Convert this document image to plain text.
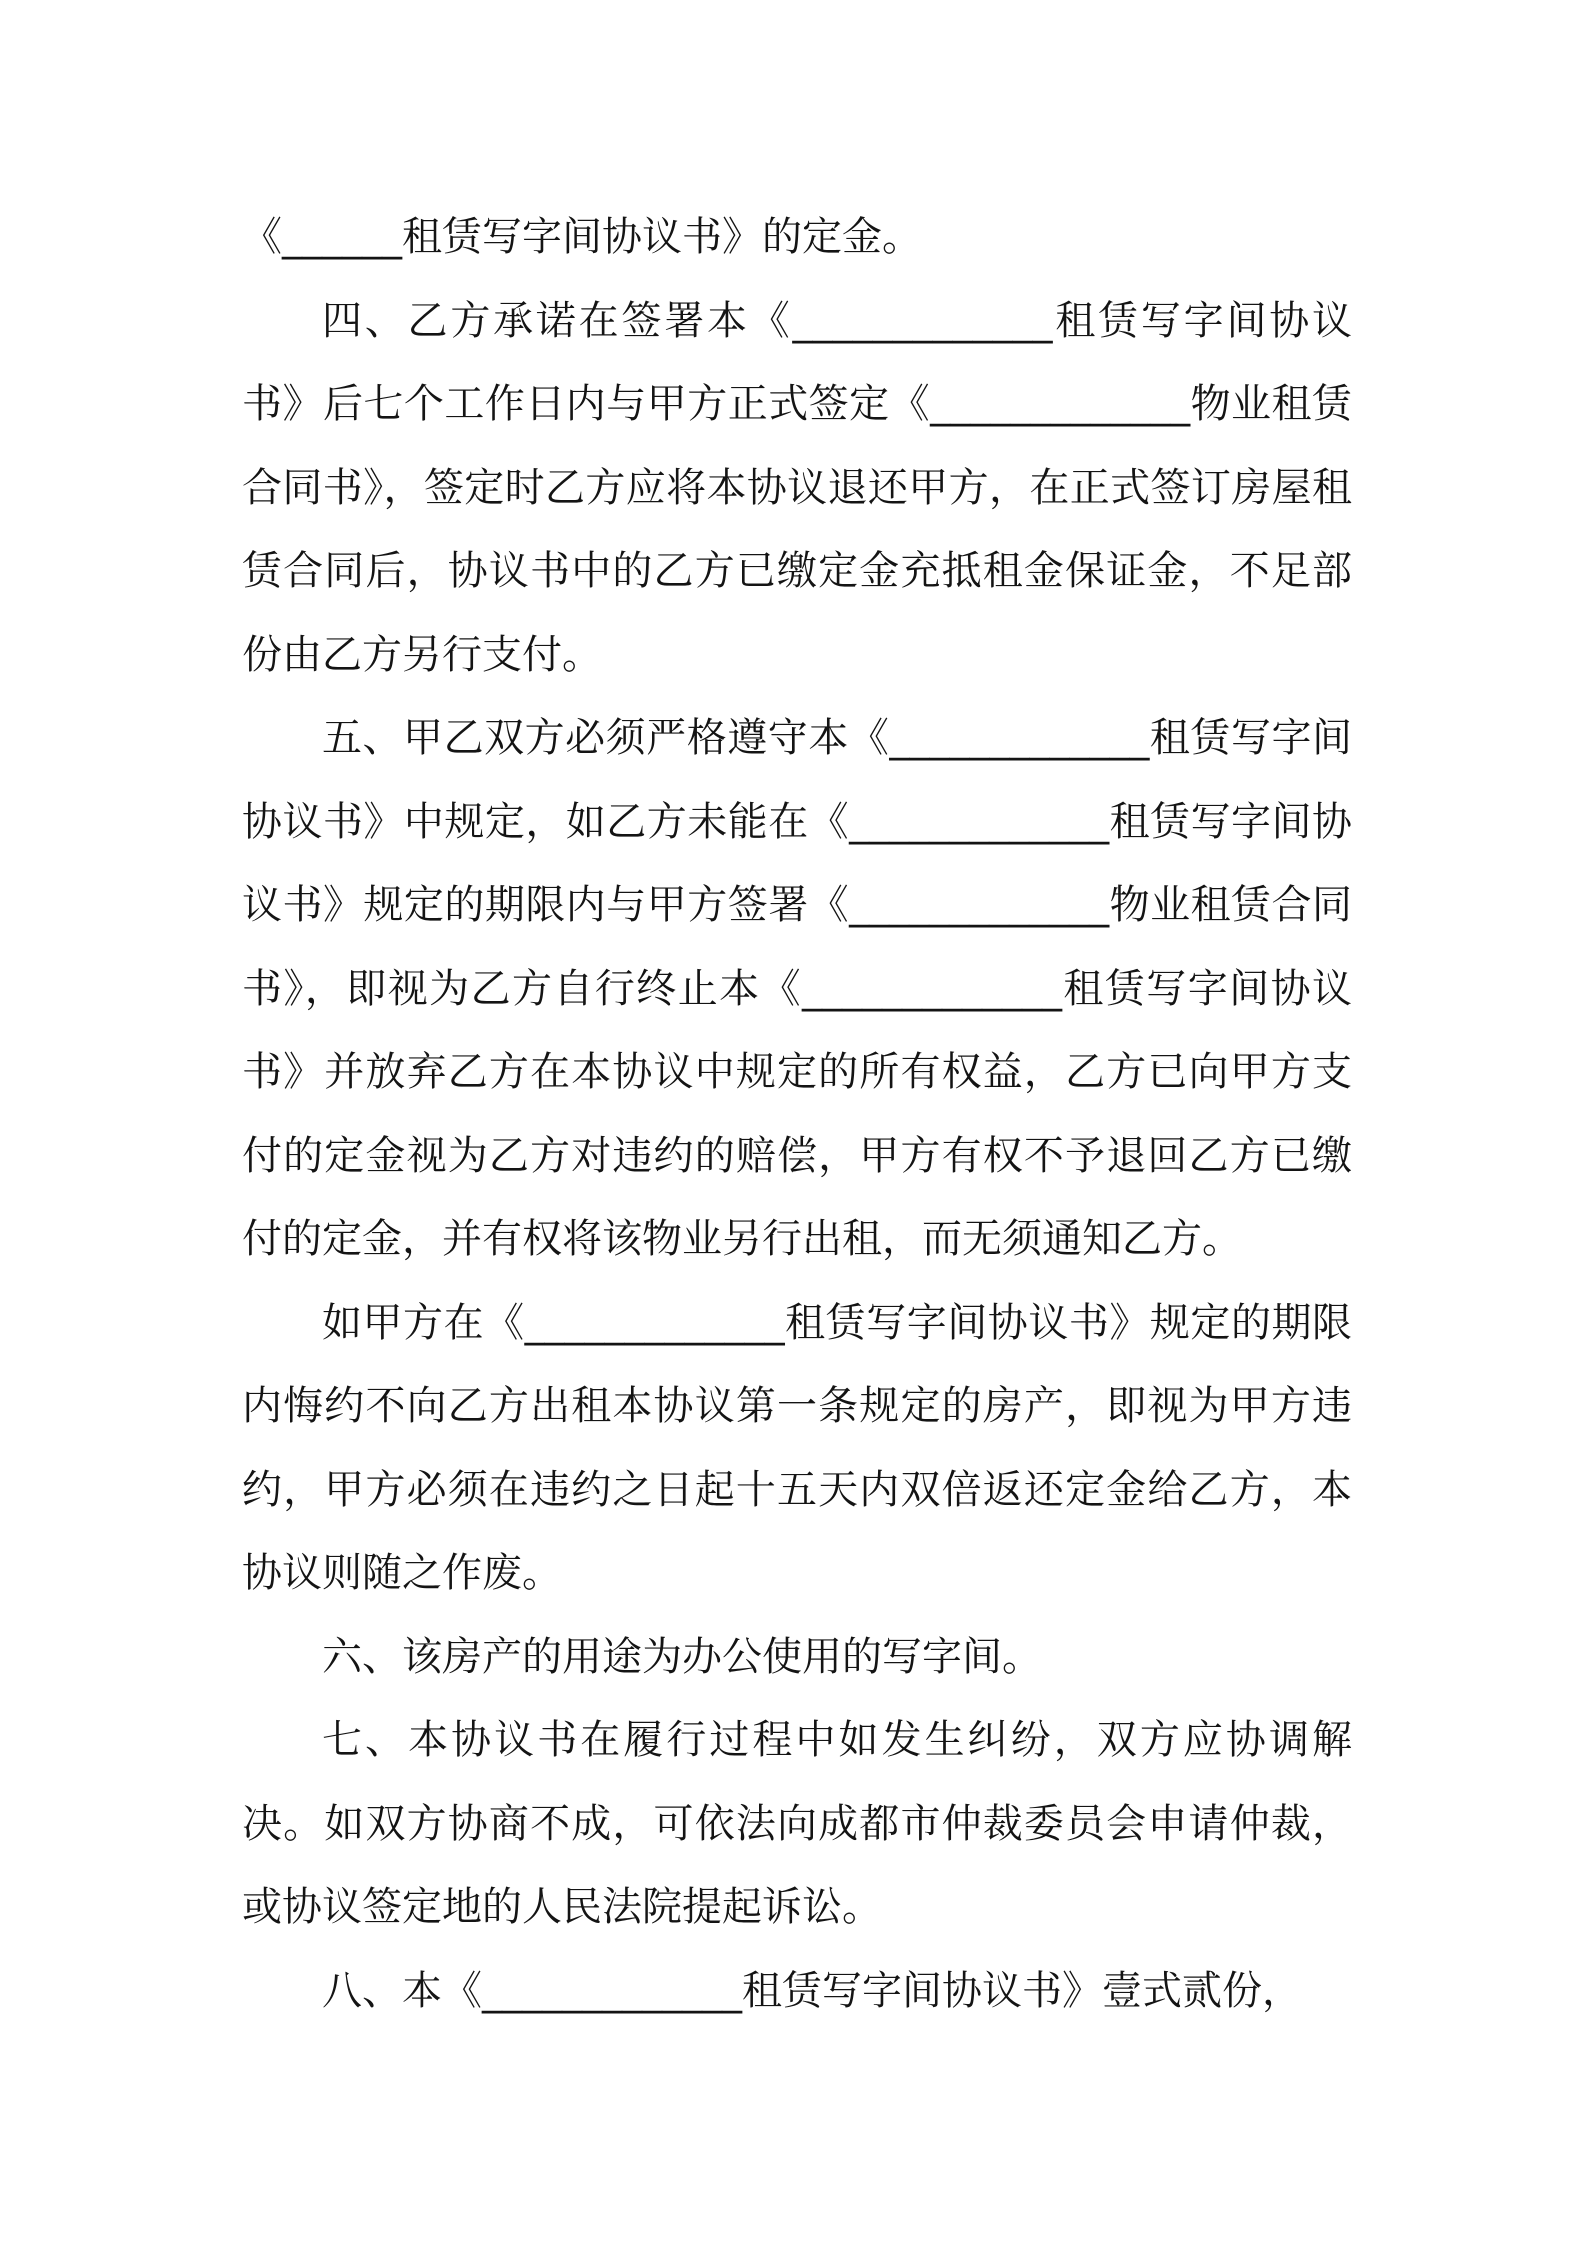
《______租赁写字间协议书》的定金。

四、乙方承诺在签署本《_____________租赁写字间协议书》后七个工作日内与甲方正式签定《_____________物业租赁合同书》，签定时乙方应将本协议退还甲方，在正式签订房屋租赁合同后，协议书中的乙方已缴定金充抵租金保证金，不足部份由乙方另行支付。

五、甲乙双方必须严格遵守本《_____________租赁写字间协议书》中规定，如乙方未能在《_____________租赁写字间协议书》规定的期限内与甲方签署《_____________物业租赁合同书》，即视为乙方自行终止本《_____________租赁写字间协议书》并放弃乙方在本协议中规定的所有权益，乙方已向甲方支付的定金视为乙方对违约的赔偿，甲方有权不予退回乙方已缴付的定金，并有权将该物业另行出租，而无须通知乙方。

如甲方在《_____________租赁写字间协议书》规定的期限内悔约不向乙方出租本协议第一条规定的房产，即视为甲方违约，甲方必须在违约之日起十五天内双倍返还定金给乙方，本协议则随之作废。

六、该房产的用途为办公使用的写字间。

七、本协议书在履行过程中如发生纠纷，双方应协调解决。如双方协商不成，可依法向成都市仲裁委员会申请仲裁，或协议签定地的人民法院提起诉讼。

八、本《_____________租赁写字间协议书》壹式贰份，
